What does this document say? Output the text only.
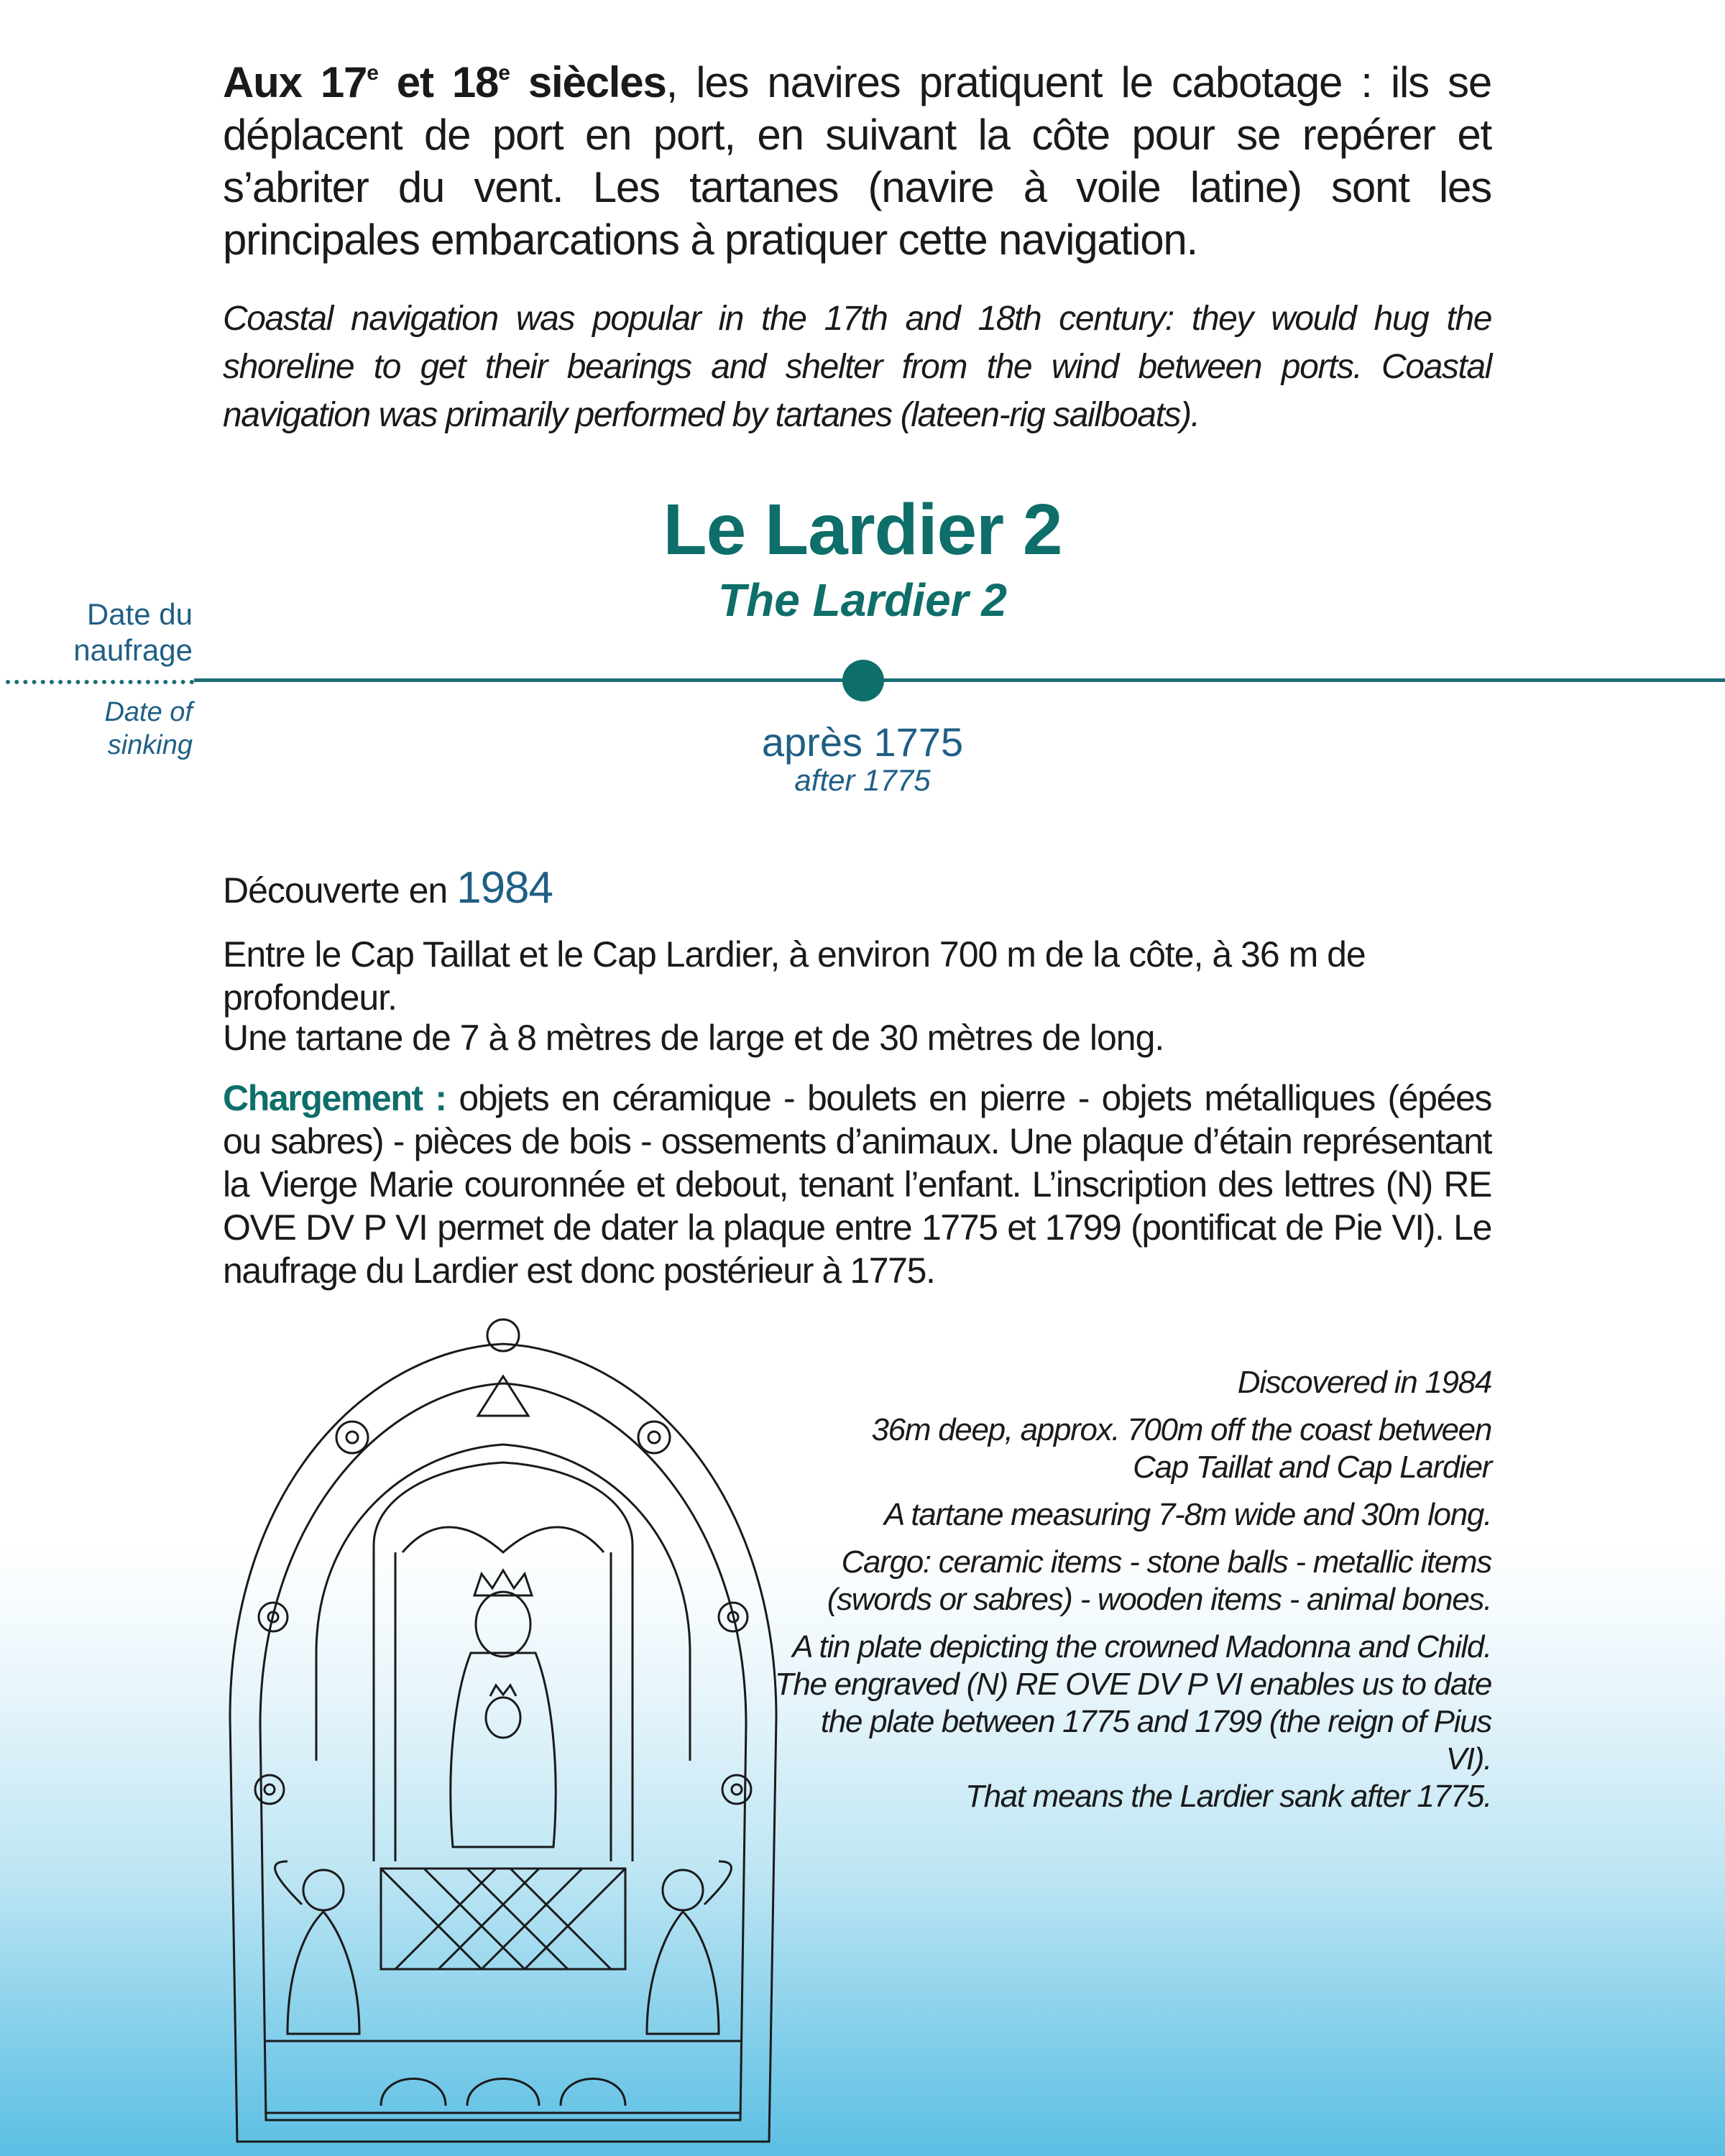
Aux 17e et 18e siècles, les navires pratiquent le cabotage : ils se déplacent de port en port, en suivant la côte pour se repérer et s’abriter du vent. Les tartanes (navire à voile latine) sont les principales embarcations à pratiquer cette navigation.
Coastal navigation was popular in the 17th and 18th century: they would hug the shoreline to get their bearings and shelter from the wind between ports. Coastal navigation was primarily performed by tartanes (lateen-rig sailboats).
Le Lardier 2
The Lardier 2
Date du
naufrage
Date of
sinking	après 1775
after 1775
Découverte en 1984
Entre le Cap Taillat et le Cap Lardier, à environ 700 m de la côte, à 36 m de profondeur.
Une tartane de 7 à 8 mètres de large et de 30 mètres de long.
Chargement : objets en céramique - boulets en pierre - objets métalliques (épées ou sabres) - pièces de bois - ossements d’animaux. Une plaque d’étain représentant la Vierge Marie couronnée et debout, tenant l’enfant. L’inscription des lettres (N) RE OVE DV P VI permet de dater la plaque entre 1775 et 1799 (pontificat de Pie VI). Le naufrage du Lardier est donc postérieur à 1775.

Discovered in 1984

36m deep, approx. 700m off the coast between
Cap Taillat and Cap Lardier

A tartane measuring 7-8m wide and 30m long.

Cargo: ceramic items - stone balls - metallic items
(swords or sabres) - wooden items - animal bones.

A tin plate depicting the crowned Madonna and Child.
The engraved (N) RE OVE DV P VI enables us to date
the plate between 1775 and 1799 (the reign of Pius VI).
That means the Lardier sank after 1775.
